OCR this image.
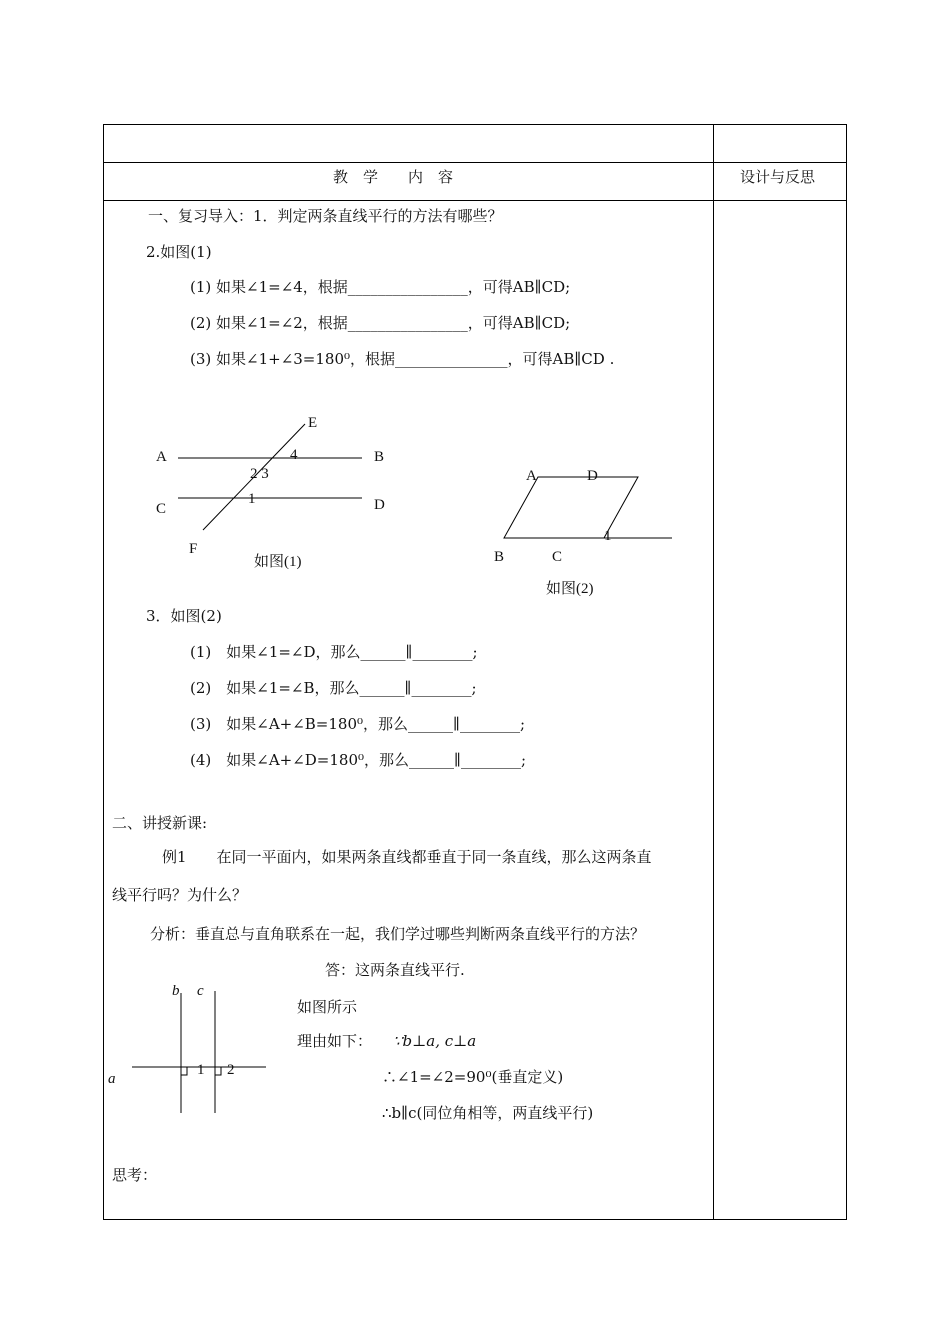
教　学　　内　容	设计与反思
一、复习导入：1．判定两条直线平行的方法有哪些？
2.如图(1)
(1) 如果∠1=∠4，根据________________，可得AB∥CD;
(2) 如果∠1=∠2，根据________________，可得AB∥CD;
(3) 如果∠1+∠3=180⁰，根据_______________，可得AB∥CD .
E
A	B
4
2 3
1
C	D
F
如图(1)
A	D
1
B	C
如图(2)
3．如图(2)
(1)　如果∠1=∠D，那么______∥________;
(2)　如果∠1=∠B，那么______∥________;
(3)　如果∠A+∠B=180⁰，那么______∥________;
(4)　如果∠A+∠D=180⁰，那么______∥________;
二、讲授新课:
例1　　在同一平面内，如果两条直线都垂直于同一条直线，那么这两条直
线平行吗？为什么？
分析：垂直总与直角联系在一起，我们学过哪些判断两条直线平行的方法？
答：这两条直线平行.
b c
a
1 2
如图所示
理由如下： ∵b⊥a, c⊥a
∴∠1=∠2=90⁰(垂直定义)
∴b∥c(同位角相等，两直线平行)
思考：
